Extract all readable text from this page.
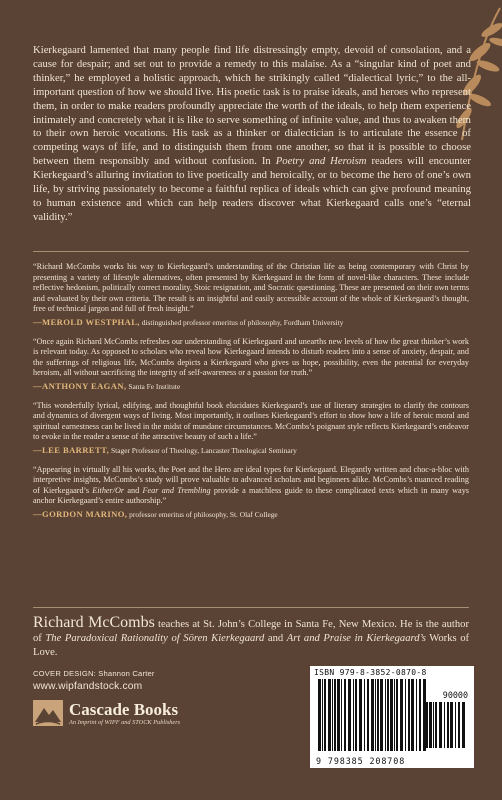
Kierkegaard lamented that many people find life distressingly empty, devoid of consolation, and a cause for despair; and set out to provide a remedy to this malaise. As a “singular kind of poet and thinker,” he employed a holistic approach, which he strikingly called “dialectical lyric,” to the all-important question of how we should live. His poetic task is to praise ideals, and heroes who represent them, in order to make readers profoundly appreciate the worth of the ideals, to help them experience intimately and concretely what it is like to serve something of infinite value, and thus to awaken them to their own heroic vocations. His task as a thinker or dialectician is to articulate the essence of competing ways of life, and to distinguish them from one another, so that it is possible to choose between them responsibly and without confusion. In Poetry and Heroism readers will encounter Kierkegaard’s alluring invitation to live poetically and heroically, or to become the hero of one’s own life, by striving passionately to become a faithful replica of ideals which can give profound meaning to human existence and which can help readers discover what Kierkegaard calls one’s “eternal validity.”

“Richard McCombs works his way to Kierkegaard’s understanding of the Christian life as being contemporary with Christ by presenting a variety of lifestyle alternatives, often presented by Kierkegaard in the form of novel-like characters. These include reflective hedonism, politically correct morality, Stoic resignation, and Socratic questioning. These are presented on their own terms and evaluated by their own criteria. The result is an insightful and easily accessible account of the whole of Kierkegaard’s thought, free of technical jargon and full of fresh insight.”

—MEROLD WESTPHAL, distinguished professor emeritus of philosophy, Fordham University

“Once again Richard McCombs refreshes our understanding of Kierkegaard and unearths new levels of how the great thinker’s work is relevant today. As opposed to scholars who reveal how Kierkegaard intends to disturb readers into a sense of anxiety, despair, and the sufferings of religious life, McCombs depicts a Kierkegaard who gives us hope, possibility, even the potential for everyday heroism, all without sacrificing the integrity of self-awareness or a passion for truth.”

—ANTHONY EAGAN, Santa Fe Institute

“This wonderfully lyrical, edifying, and thoughtful book elucidates Kierkegaard’s use of literary strategies to clarify the contours and dynamics of divergent ways of living. Most importantly, it outlines Kierkegaard’s effort to show how a life of heroic moral and spiritual earnestness can be lived in the midst of mundane circumstances. McCombs’s poignant style reflects Kierkegaard’s endeavor to evoke in the reader a sense of the attractive beauty of such a life.”

—LEE BARRETT, Stager Professor of Theology, Lancaster Theological Seminary

“Appearing in virtually all his works, the Poet and the Hero are ideal types for Kierkegaard. Elegantly written and choc-a-bloc with interpretive insights, McCombs’s study will prove valuable to advanced scholars and beginners alike. McCombs’s nuanced reading of Kierkegaard’s Either/Or and Fear and Trembling provide a matchless guide to these complicated texts which in many ways anchor Kierkegaard’s entire authorship.”

—GORDON MARINO, professor emeritus of philosophy, St. Olaf College
Richard McCombs teaches at St. John’s College in Santa Fe, New Mexico. He is the author of The Paradoxical Rationality of Sören Kierkegaard and Art and Praise in Kierkegaard’s Works of Love.
COVER DESIGN: Shannon Carter
www.wipfandstock.com
Cascade Books
An Imprint of WIPF and STOCK Publishers
ISBN 979-8-3852-0870-8
90000
9 798385 208708
